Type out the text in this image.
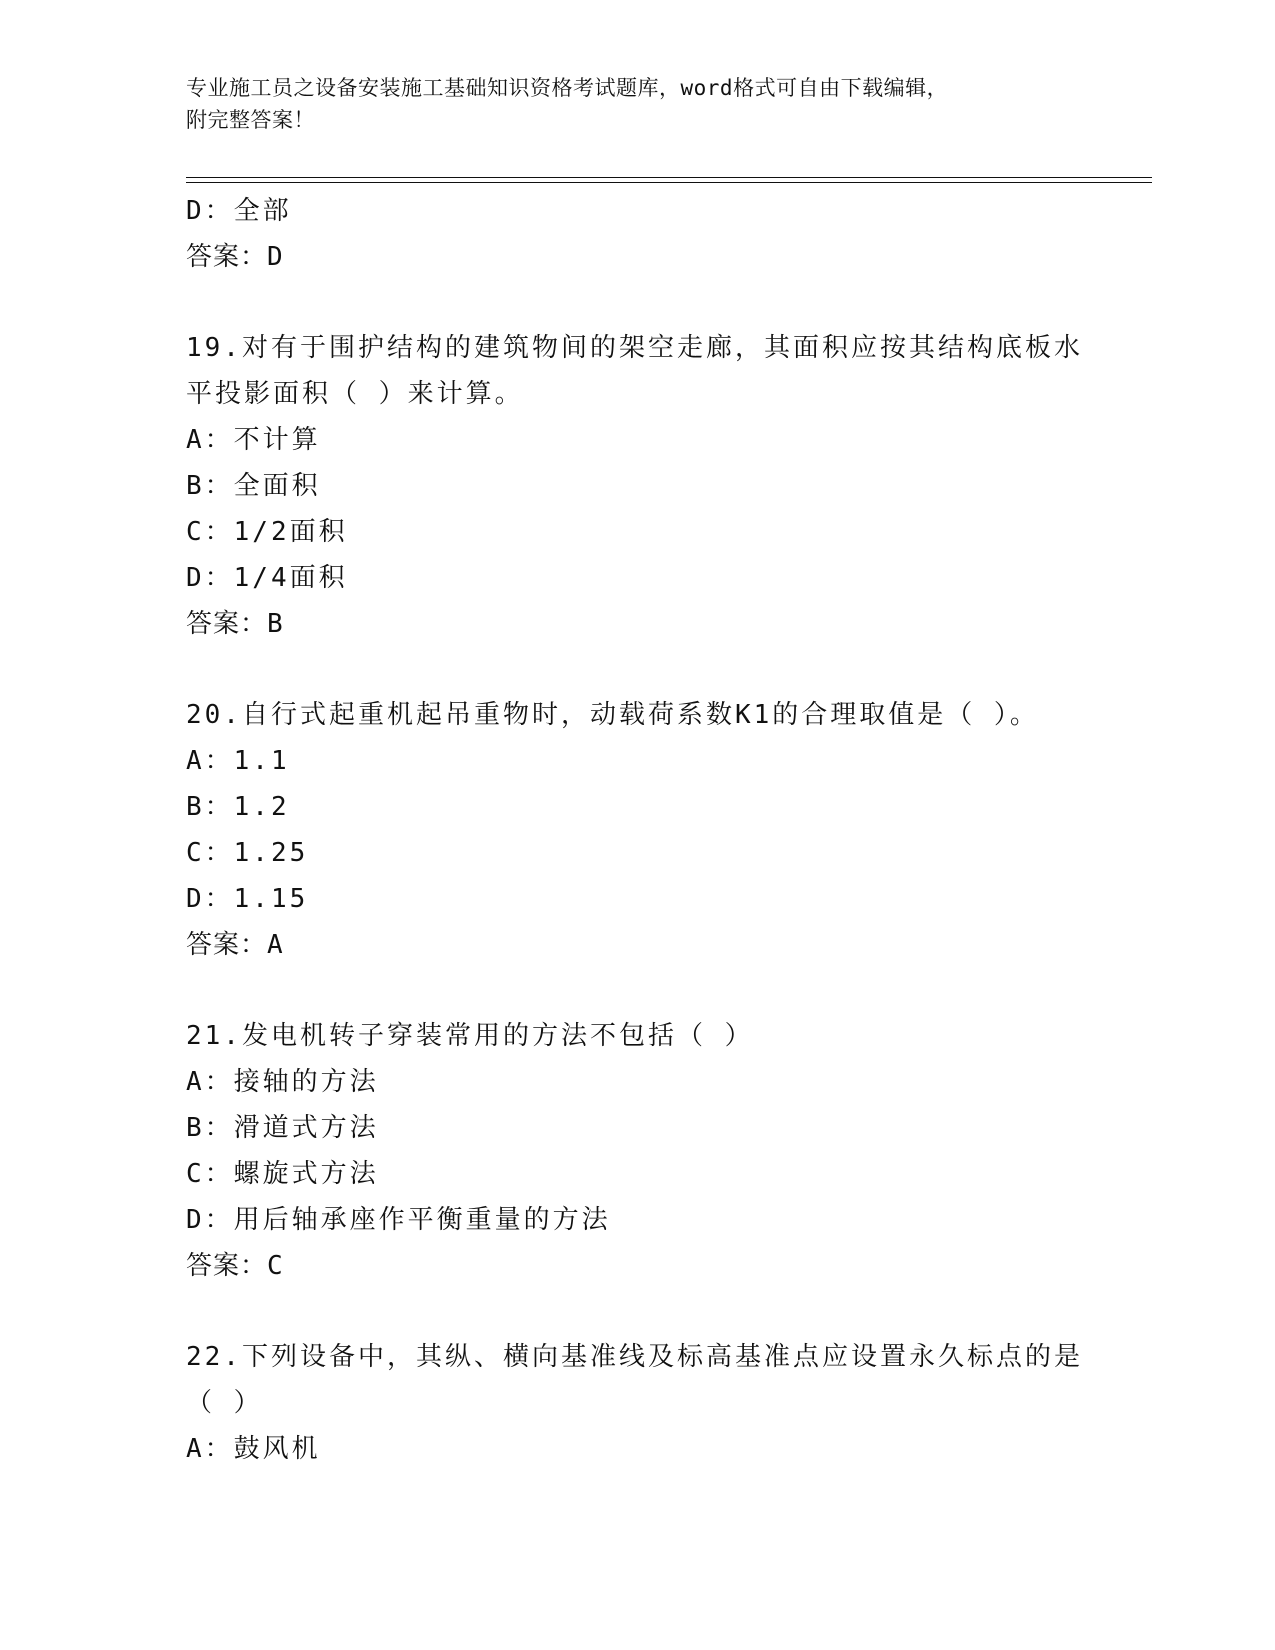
专业施工员之设备安装施工基础知识资格考试题库，word格式可自由下载编辑，
附完整答案！
D：全部
答案：D
19.对有于围护结构的建筑物间的架空走廊，其面积应按其结构底板水
平投影面积（ ）来计算。
A：不计算
B：全面积
C：1/2面积
D：1/4面积
答案：B
20.自行式起重机起吊重物时，动载荷系数K1的合理取值是（ ）。
A：1.1
B：1.2
C：1.25
D：1.15
答案：A
21.发电机转子穿装常用的方法不包括（ ）
A：接轴的方法
B：滑道式方法
C：螺旋式方法
D：用后轴承座作平衡重量的方法
答案：C
22.下列设备中，其纵、横向基准线及标高基准点应设置永久标点的是
（ ）
A：鼓风机
